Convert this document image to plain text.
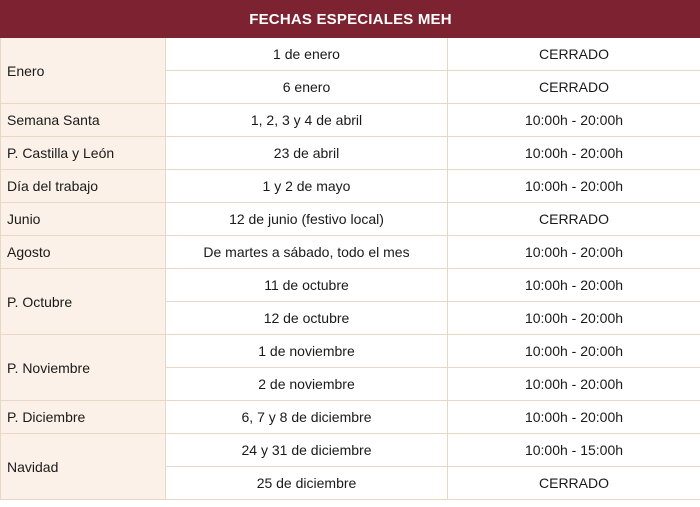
FECHAS ESPECIALES MEH		
Enero	1 de enero	CERRADO
	6 enero	CERRADO
Semana Santa	1, 2, 3 y 4 de abril	10:00h - 20:00h
P. Castilla y León	23 de abril	10:00h - 20:00h
Día del trabajo	1 y 2 de mayo	10:00h - 20:00h
Junio	12 de junio (festivo local)	CERRADO
Agosto	De martes a sábado, todo el mes	10:00h - 20:00h
P. Octubre	11 de octubre	10:00h - 20:00h
	12 de octubre	10:00h - 20:00h
P. Noviembre	1 de noviembre	10:00h - 20:00h
	2 de noviembre	10:00h - 20:00h
P. Diciembre	6, 7 y 8 de diciembre	10:00h - 20:00h
Navidad	24 y 31 de diciembre	10:00h - 15:00h
	25 de diciembre	CERRADO
